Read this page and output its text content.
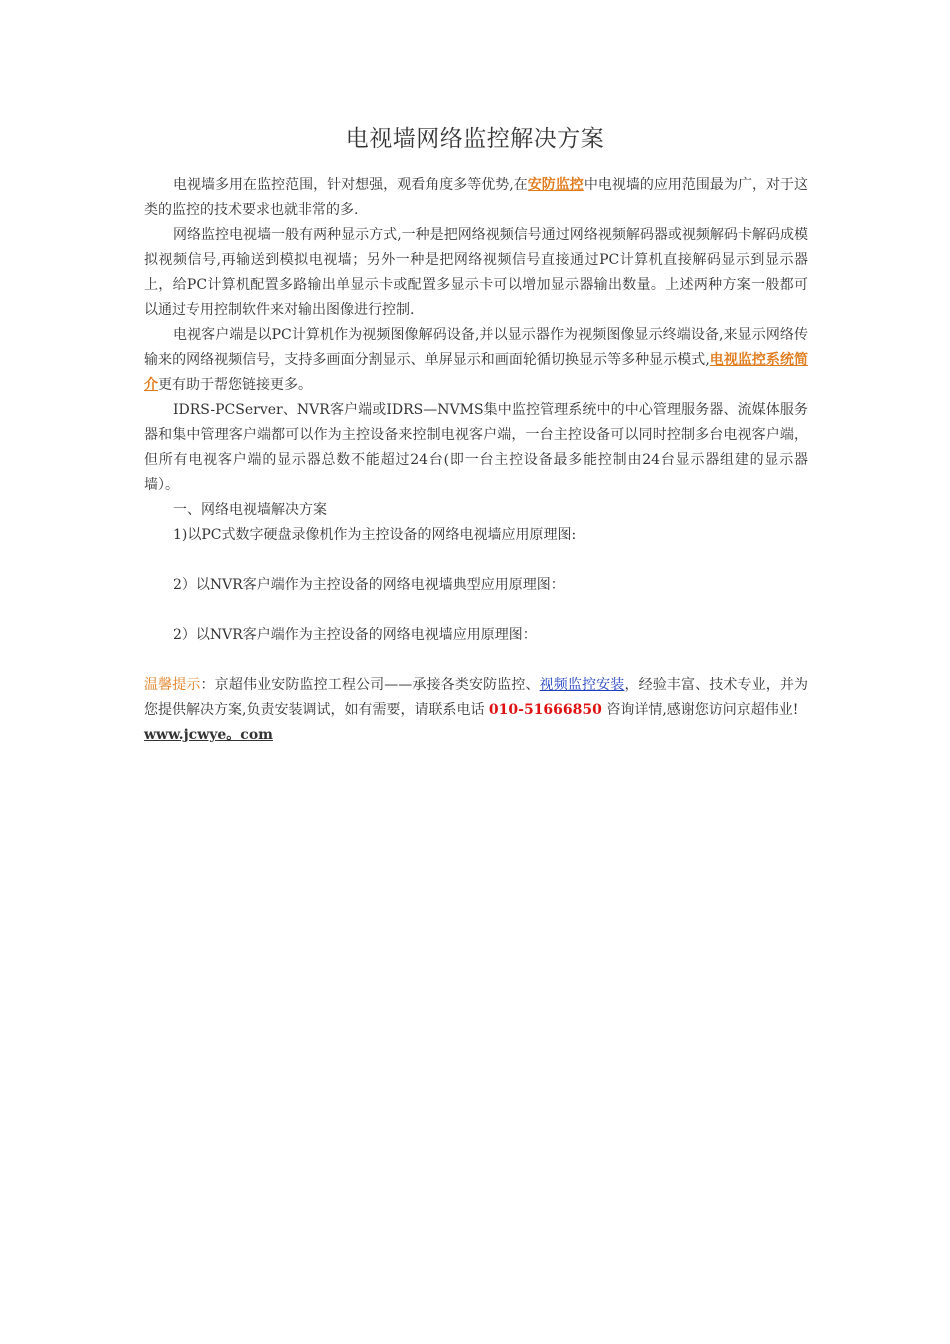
电视墙网络监控解决方案

电视墙多用在监控范围，针对想强，观看角度多等优势,在安防监控中电视墙的应用范围最为广，对于这类的监控的技术要求也就非常的多.

网络监控电视墙一般有两种显示方式,一种是把网络视频信号通过网络视频解码器或视频解码卡解码成模拟视频信号,再输送到模拟电视墙；另外一种是把网络视频信号直接通过PC计算机直接解码显示到显示器上，给PC计算机配置多路输出单显示卡或配置多显示卡可以增加显示器输出数量。上述两种方案一般都可以通过专用控制软件来对输出图像进行控制.

电视客户端是以PC计算机作为视频图像解码设备,并以显示器作为视频图像显示终端设备,来显示网络传输来的网络视频信号，支持多画面分割显示、单屏显示和画面轮循切换显示等多种显示模式,电视监控系统简介更有助于帮您链接更多。

IDRS-PCServer、NVR客户端或IDRS—NVMS集中监控管理系统中的中心管理服务器、流媒体服务器和集中管理客户端都可以作为主控设备来控制电视客户端，一台主控设备可以同时控制多台电视客户端，但所有电视客户端的显示器总数不能超过24台(即一台主控设备最多能控制由24台显示器组建的显示器墙）。

一、网络电视墙解决方案

1)以PC式数字硬盘录像机作为主控设备的网络电视墙应用原理图:

2）以NVR客户端作为主控设备的网络电视墙典型应用原理图：

2）以NVR客户端作为主控设备的网络电视墙应用原理图：

温馨提示：京超伟业安防监控工程公司——承接各类安防监控、视频监控安装，经验丰富、技术专业，并为您提供解决方案,负责安装调试，如有需要，请联系电话 010-51666850 咨询详情,感谢您访问京超伟业!
www.jcwye。com
